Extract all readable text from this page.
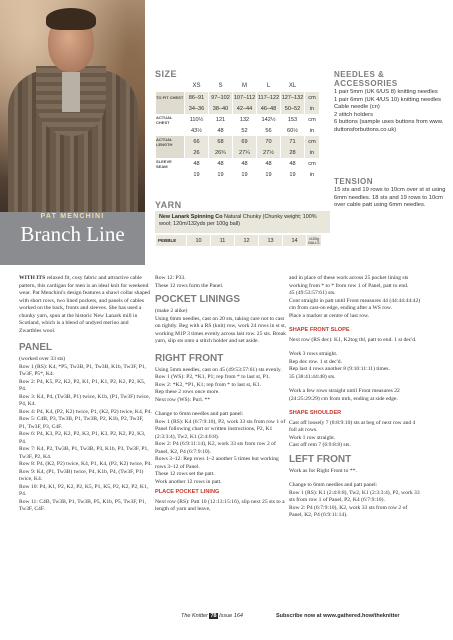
PAT MENCHINI
Branch Line
SIZE
	XS	S	M	L	XL	
TO FIT CHEST	86–91	97–102	107–112	117–122	127–132	cm
	34–36	38–40	42–44	46–48	50–52	in
ACTUAL CHEST	110½	121	132	142½	153	cm
	43½	48	52	56	60½	in
ACTUAL LENGTH	66	68	69	70	71	cm
	26	26¾	27¼	27½	28	in
SLEEVE SEAM	48	48	48	48	48	cm
	19	19	19	19	19	in
YARN
New Lanark Spinning Co Natural Chunky (Chunky weight; 100% wool; 120m/132yds per 100g ball)
PEBBLE	10	11	12	13	14	x100g BALLS
NEEDLES & ACCESSORIES
1 pair 5mm (UK 6/US 8) knitting needles
1 pair 6mm (UK 4/US 10) knitting needles
Cable needle (cn)
2 stitch holders
6 buttons (sample uses buttons from www. duttonsforbuttons.co.uk)
TENSION
15 sts and 19 rows to 10cm over st st using 6mm needles. 18 sts and 19 rows to 10cm over cable patt using 6mm needles.

WITH ITS relaxed fit, cosy fabric and attractive cable pattern, this cardigan for men is an ideal knit for weekend wear. Pat Menchini's design features a shawl collar shaped with short rows, two lined pockets, and panels of cables worked on the back, fronts and sleeves. She has used a chunky yarn, spun at the historic New Lanark mill in Scotland, which is a blend of undyed merino and Zwartbles wool.

PANEL
(worked over 33 sts)
Row 1 (RS): K4, *P5, Tw3B, P1, Tw3B, K1b, Tw3F, P1, Tw3F, P5*, K4.
Row 2: P4, K5, P2, K2, P2, K1, P1, K1, P2, K2, P2, K5, P4.
Row 3: K4, P4, (Tw3B, P1) twice, K1b, (P1, Tw3F) twice, P4, K4.
Row 4: P4, K4, (P2, K2) twice, P1, (K2, P2) twice, K4, P4.
Row 5: C4B, P3, Tw3B, P1, Tw3B, P2, K1b, P2, Tw3F, P1, Tw3F, P3, C4F.
Row 6: P4, K3, P2, K2, P2, K3, P1, K3, P2, K2, P2, K3, P4.
Row 7: K4, P2, Tw3B, P1, Tw3B, P3, K1b, P3, Tw3F, P1, Tw3F, P2, K4.
Row 8: P4, (K2, P2) twice, K4, P1, K4, (P2, K2) twice, P4.
Row 9: K4, (P1, Tw3B) twice, P4, K1b, P4, (Tw3F, P1) twice, K4.
Row 10: P4, K1, P2, K2, P2, K5, P1, K5, P2, K2, P2, K1, P4.
Row 11: C4B, Tw3B, P1, Tw3B, P5, K1b, P5, Tw3F, P1, Tw3F, C4F.
Row 12: P33.
These 12 rows form the Panel.
POCKET LININGS
(make 2 alike)

Using 6mm needles, cast on 20 sts, taking care not to cast on tightly. Beg with a RS (knit) row, work 24 rows in st st, working M1P 3 times evenly across last row. 25 sts. Break yarn, slip sts onto a stitch holder and set aside.

RIGHT FRONT
Using 5mm needles, cast on 45 (49:53:57:61) sts evenly.
Row 1 (WS): P2, *K1, P1; rep from * to last st, P1.
Row 2: *K2, *P1, K1; rep from * to last st, K1.
Rep these 2 rows once more.

Next row (WS): Purl. **

Change to 6mm needles and patt panel:
Row 1 (RS): K4 (6:7:9:10), P2, work 33 sts from row 1 of Panel following chart or written instructions, P2, K1 (2:3:3:4), Tw2, K1 (2:4:6:8).
Row 2: P4 (6:9:11:14), K2, work 33 sts from row 2 of Panel, K2, P4 (6:7:9:10).
Rows 3–12: Rep rows 1–2 another 5 times but working rows 3–12 of Panel.
These 12 rows set the patt.
Work another 12 rows in patt.
PLACE POCKET LINING
Next row (RS): Patt 10 (12:13:15:16), slip next 25 sts to a length of yarn and leave,
and in place of these work across 25 pocket lining sts working from * to * from row 1 of Panel, patt to end.
45 (49:53:57:61) sts.
Cont straight in patt until Front measures 44 (44:44:44:42) cm from cast-on edge, ending after a WS row.

Place a marker at centre of last row.

SHAPE FRONT SLOPE

Next row (RS dec): K1, K2tog tbl, patt to end. 1 st dec'd.

Work 3 rows straight.
Rep dec row. 1 st dec'd.
Rep last 4 rows another 8 (9:10:11:11) times.

35 (38:41:44:48) sts.

Work a few rows straight until Front measures 22 (24:25:29:29) cm from mrk, ending at side edge.

SHAPE SHOULDER
Cast off loosely 7 (8:8:9:10) sts at beg of next row and 4 foll alt rows.
Work 1 row straight.
Cast off rem 7 (6:9:8:8) sts.
LEFT FRONT

Work as for Right Front to **.

Change to 6mm needles and patt panel:
Row 1 (RS): K1 (2:4:6:8), Tw2, K1 (2:3:3:4), P2, work 33 sts from row 1 of Panel, P2, K4 (6:7:9:10).
Row 2: P4 (6:7:9:10), K2, work 33 sts from row 2 of Panel, K2, P4 (6:9:11:14).
The Knitter 78 Issue 164	Subscribe now at www.gathered.how/theknitter
